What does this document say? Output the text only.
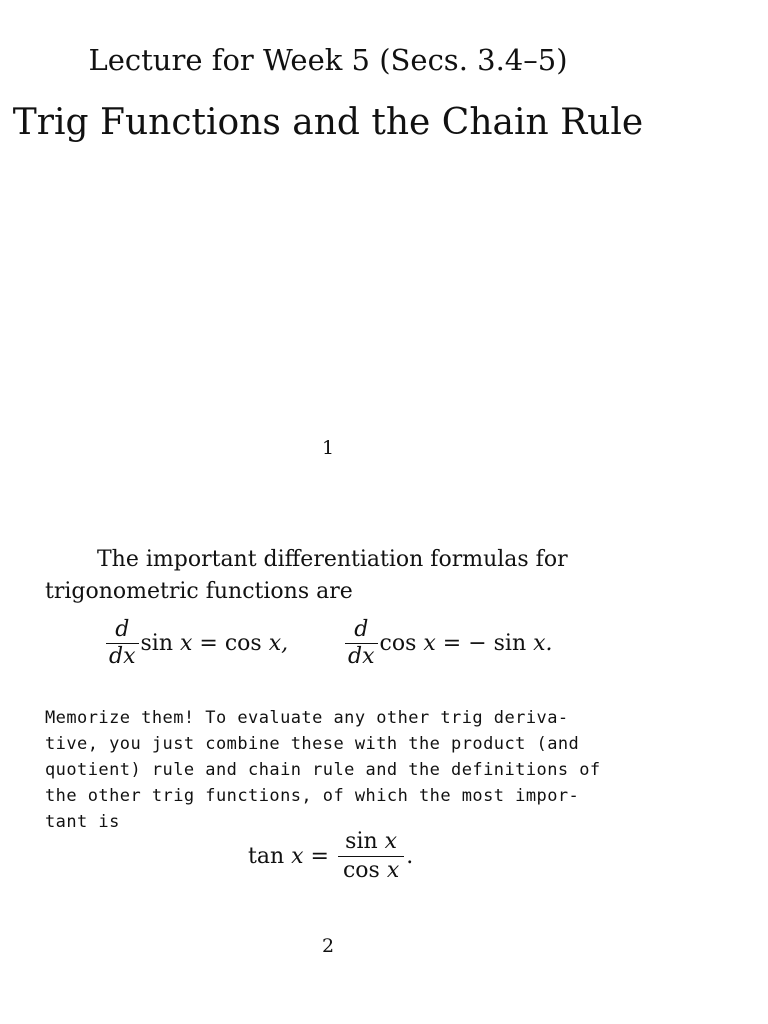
Lecture for Week 5 (Secs. 3.4–5)
Trig Functions and the Chain Rule
1
The important differentiation formulas for trigonometric functions are
$\frac{d}{dx}$ sin
x = cos
x,	$\frac{d}{dx}$ cos
x = − sin
x.
Memorize them! To evaluate any other trig deriva-
tive, you just combine these with the product (and
quotient) rule and chain rule and the definitions of
the other trig functions, of which the most impor-
tant is
tan
$x = \frac{\text{sin x}}{\text{cos x}}$ .
2
